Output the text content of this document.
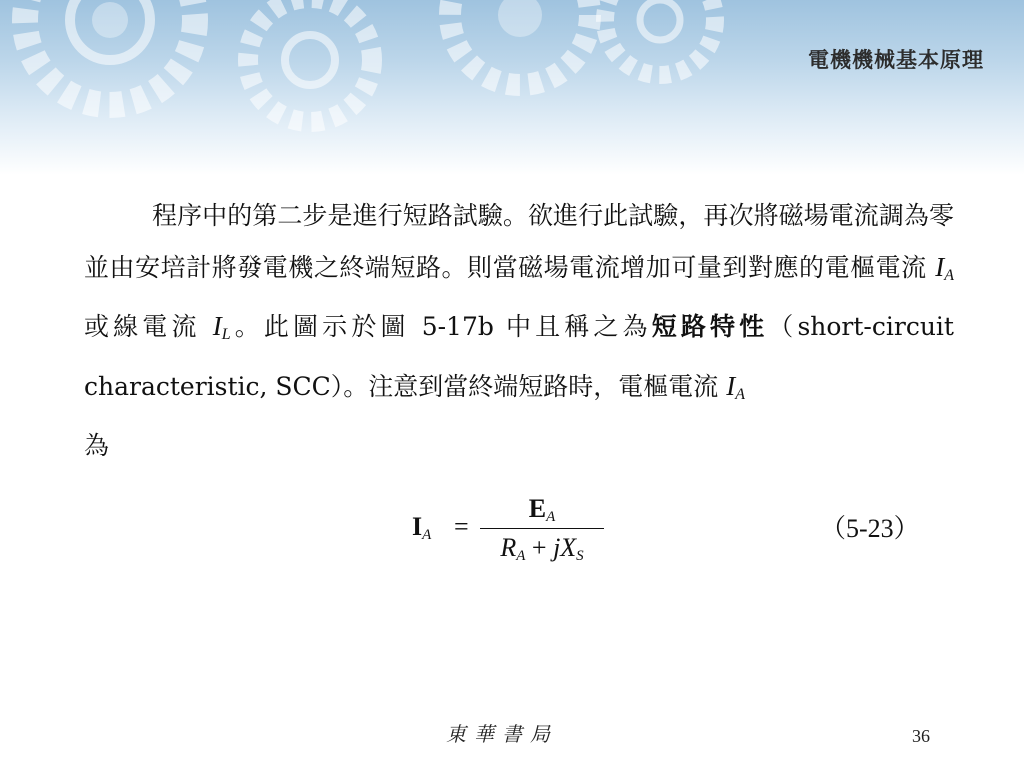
電機機械基本原理

程序中的第二步是進行短路試驗。欲進行此試驗，再次將磁場電流調為零並由安培計將發電機之終端短路。則當磁場電流增加可量到對應的電樞電流 $I_A$ 或線電流 $I_L$。此圖示於圖 5-17b 中且稱之為短路特性（short-circuit characteristic, SCC）。注意到當終端短路時，電樞電流 $I_A$
為

$I_A$ =
$E_A$
$R_A + jX_S$
（5-23）
東華書局	36
